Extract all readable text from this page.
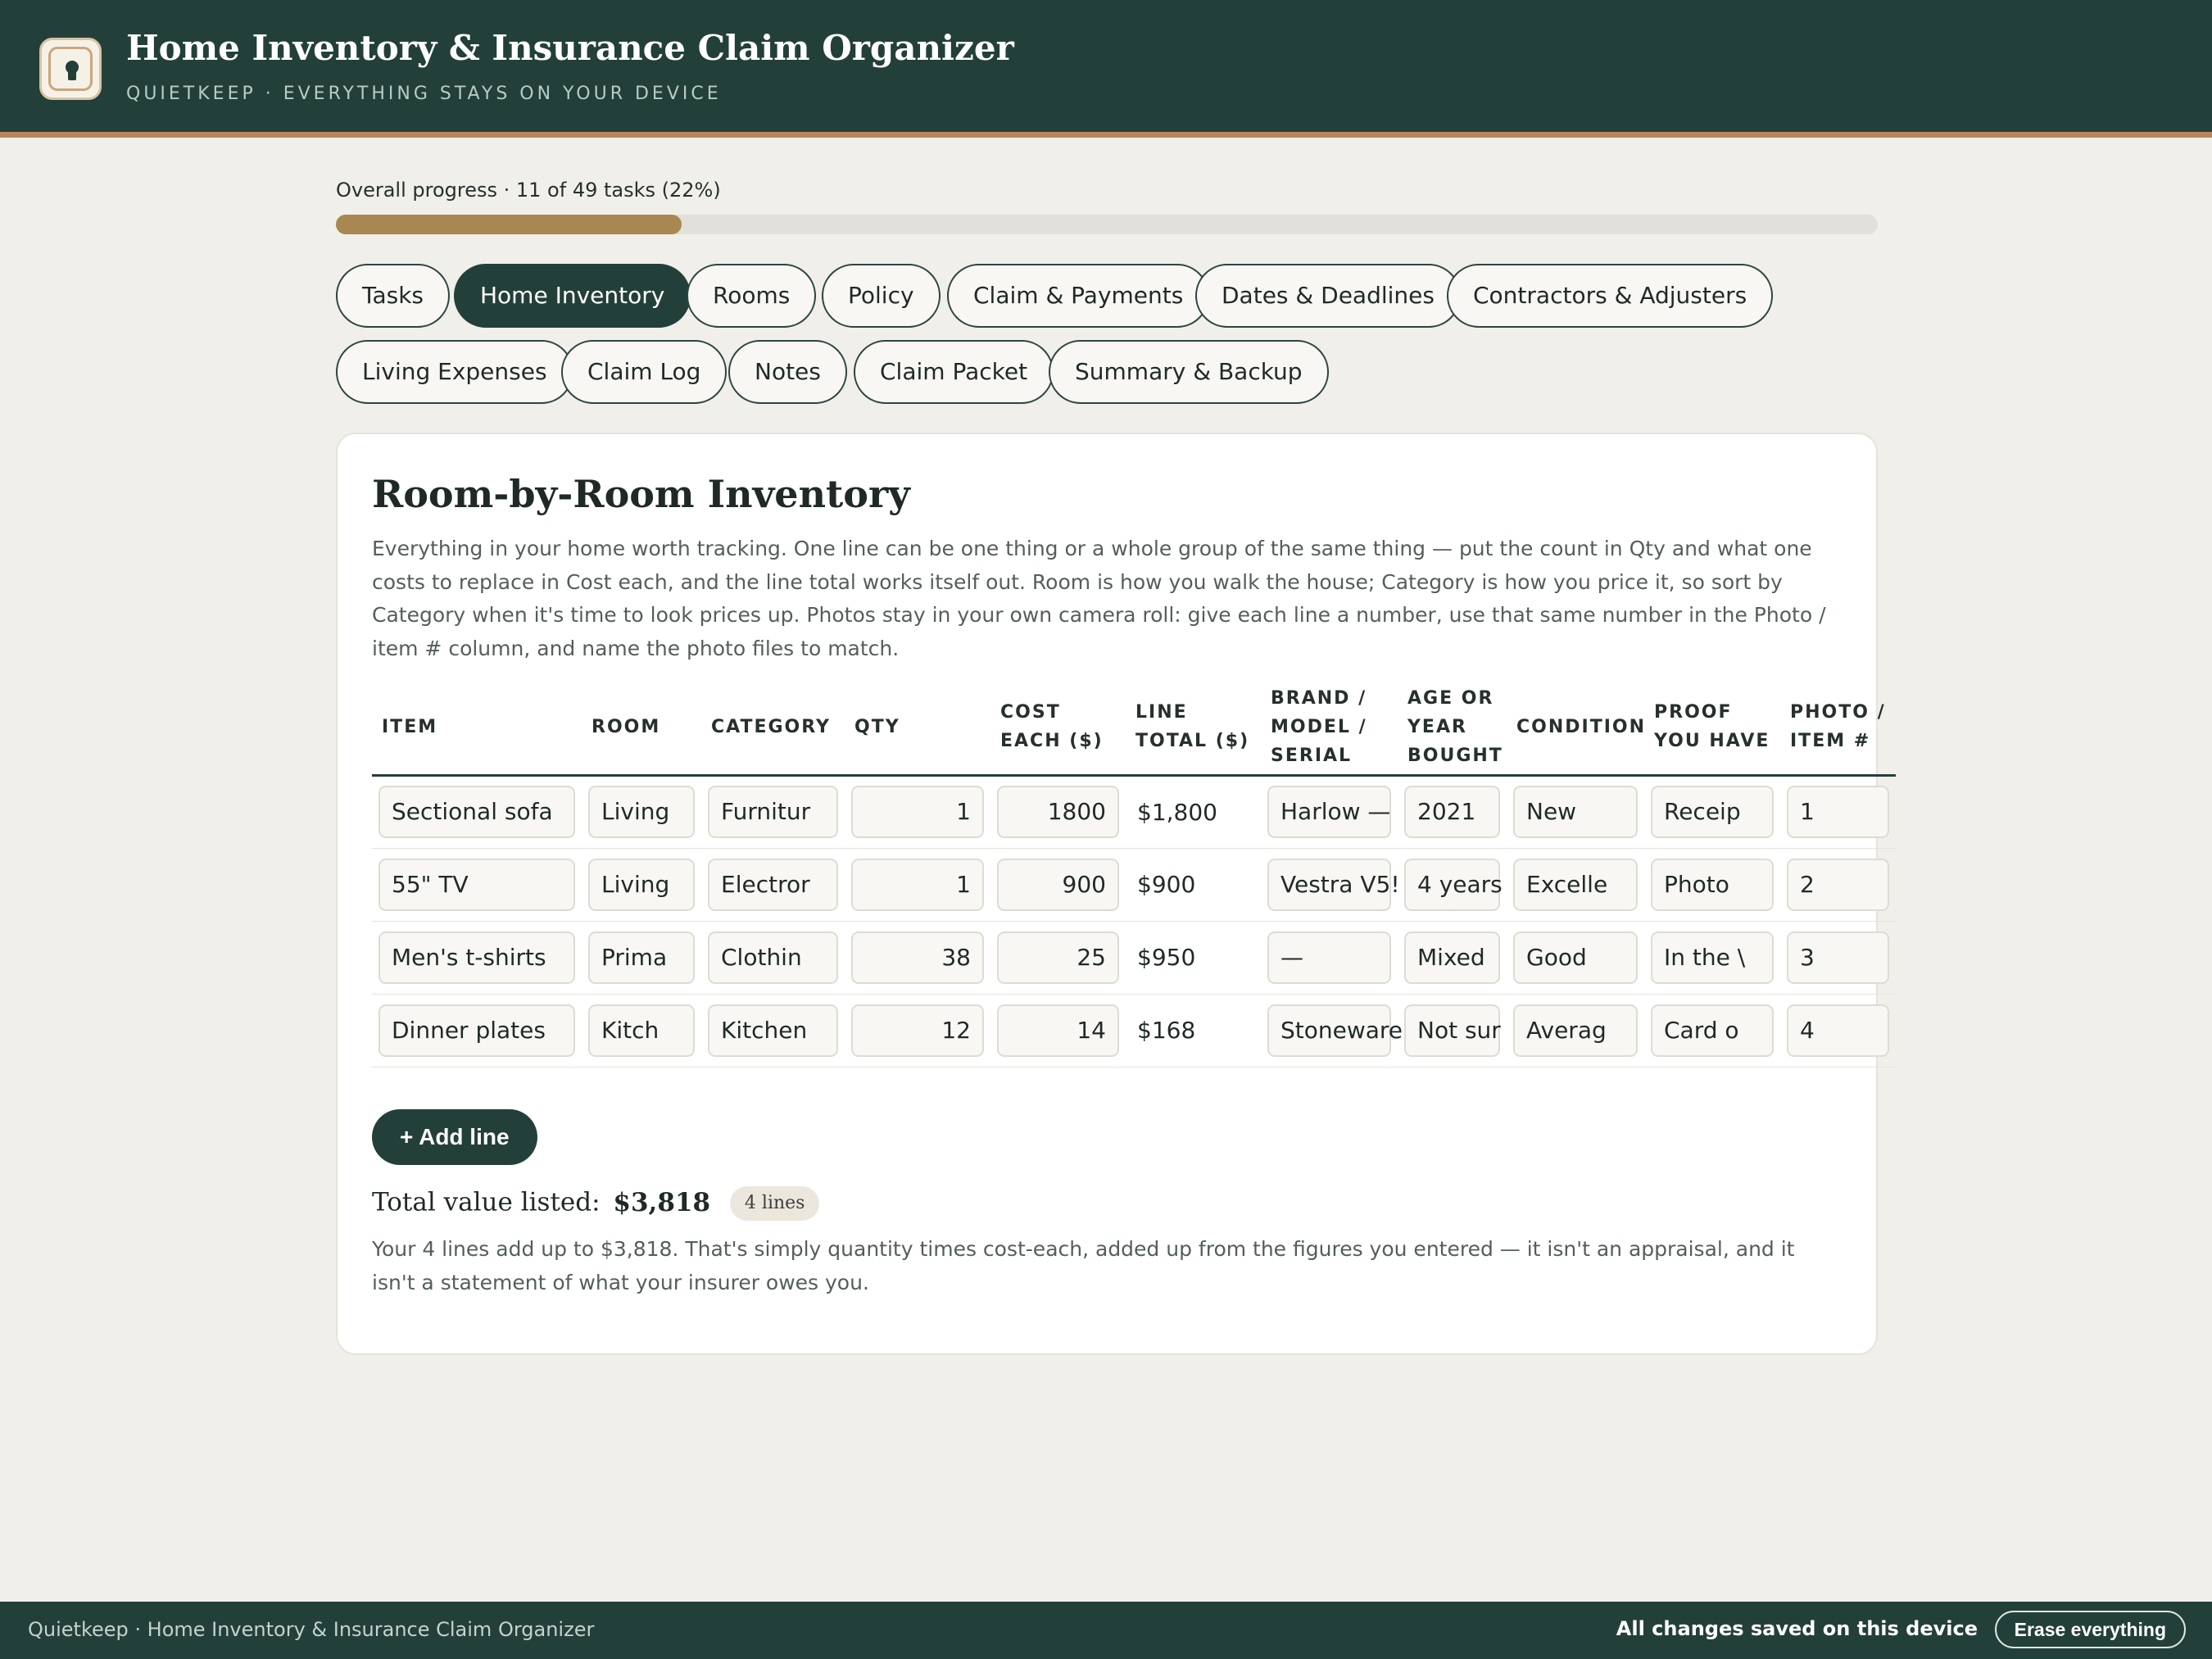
Home Inventory & Insurance Claim Organizer
QUIETKEEP · EVERYTHING STAYS ON YOUR DEVICE
Overall progress · 11 of 49 tasks (22%)
Tasks	Home Inventory	Rooms	Policy	Claim & Payments	Dates & Deadlines	Contractors & Adjusters
Living Expenses	Claim Log	Notes	Claim Packet	Summary & Backup
Room-by-Room Inventory

Everything in your home worth tracking. One line can be one thing or a whole group of the same thing — put the count in Qty and what one costs to replace in Cost each, and the line total works itself out. Room is how you walk the house; Category is how you price it, so sort by Category when it's time to look prices up. Photos stay in your own camera roll: give each line a number, use that same number in the Photo / item # column, and name the photo files to match.

ITEM	ROOM	CATEGORY	QTY	COST EACH ($)	LINE TOTAL ($)	BRAND / MODEL / SERIAL	AGE OR YEAR BOUGHT	CONDITION	PROOF YOU HAVE	PHOTO / ITEM #

Sectional sofa	Living	Furnitur	1	1800	$1,800	Harlow —	2021	New	Receip	1

55" TV	Living	Electror	1	900	$900	Vestra V5!	4 years	Excelle	Photo	2

Men's t-shirts	Prima	Clothin	38	25	$950	—	Mixed	Good	In the \	3

Dinner plates	Kitch	Kitchen	12	14	$168	Stoneware	Not sur	Averag	Card o	4
+ Add line
Total value listed: $3,818 4 lines

Your 4 lines add up to $3,818. That's simply quantity times cost-each, added up from the figures you entered — it isn't an appraisal, and it isn't a statement of what your insurer owes you.

Quietkeep · Home Inventory & Insurance Claim Organizer	All changes saved on this device	Erase everything
